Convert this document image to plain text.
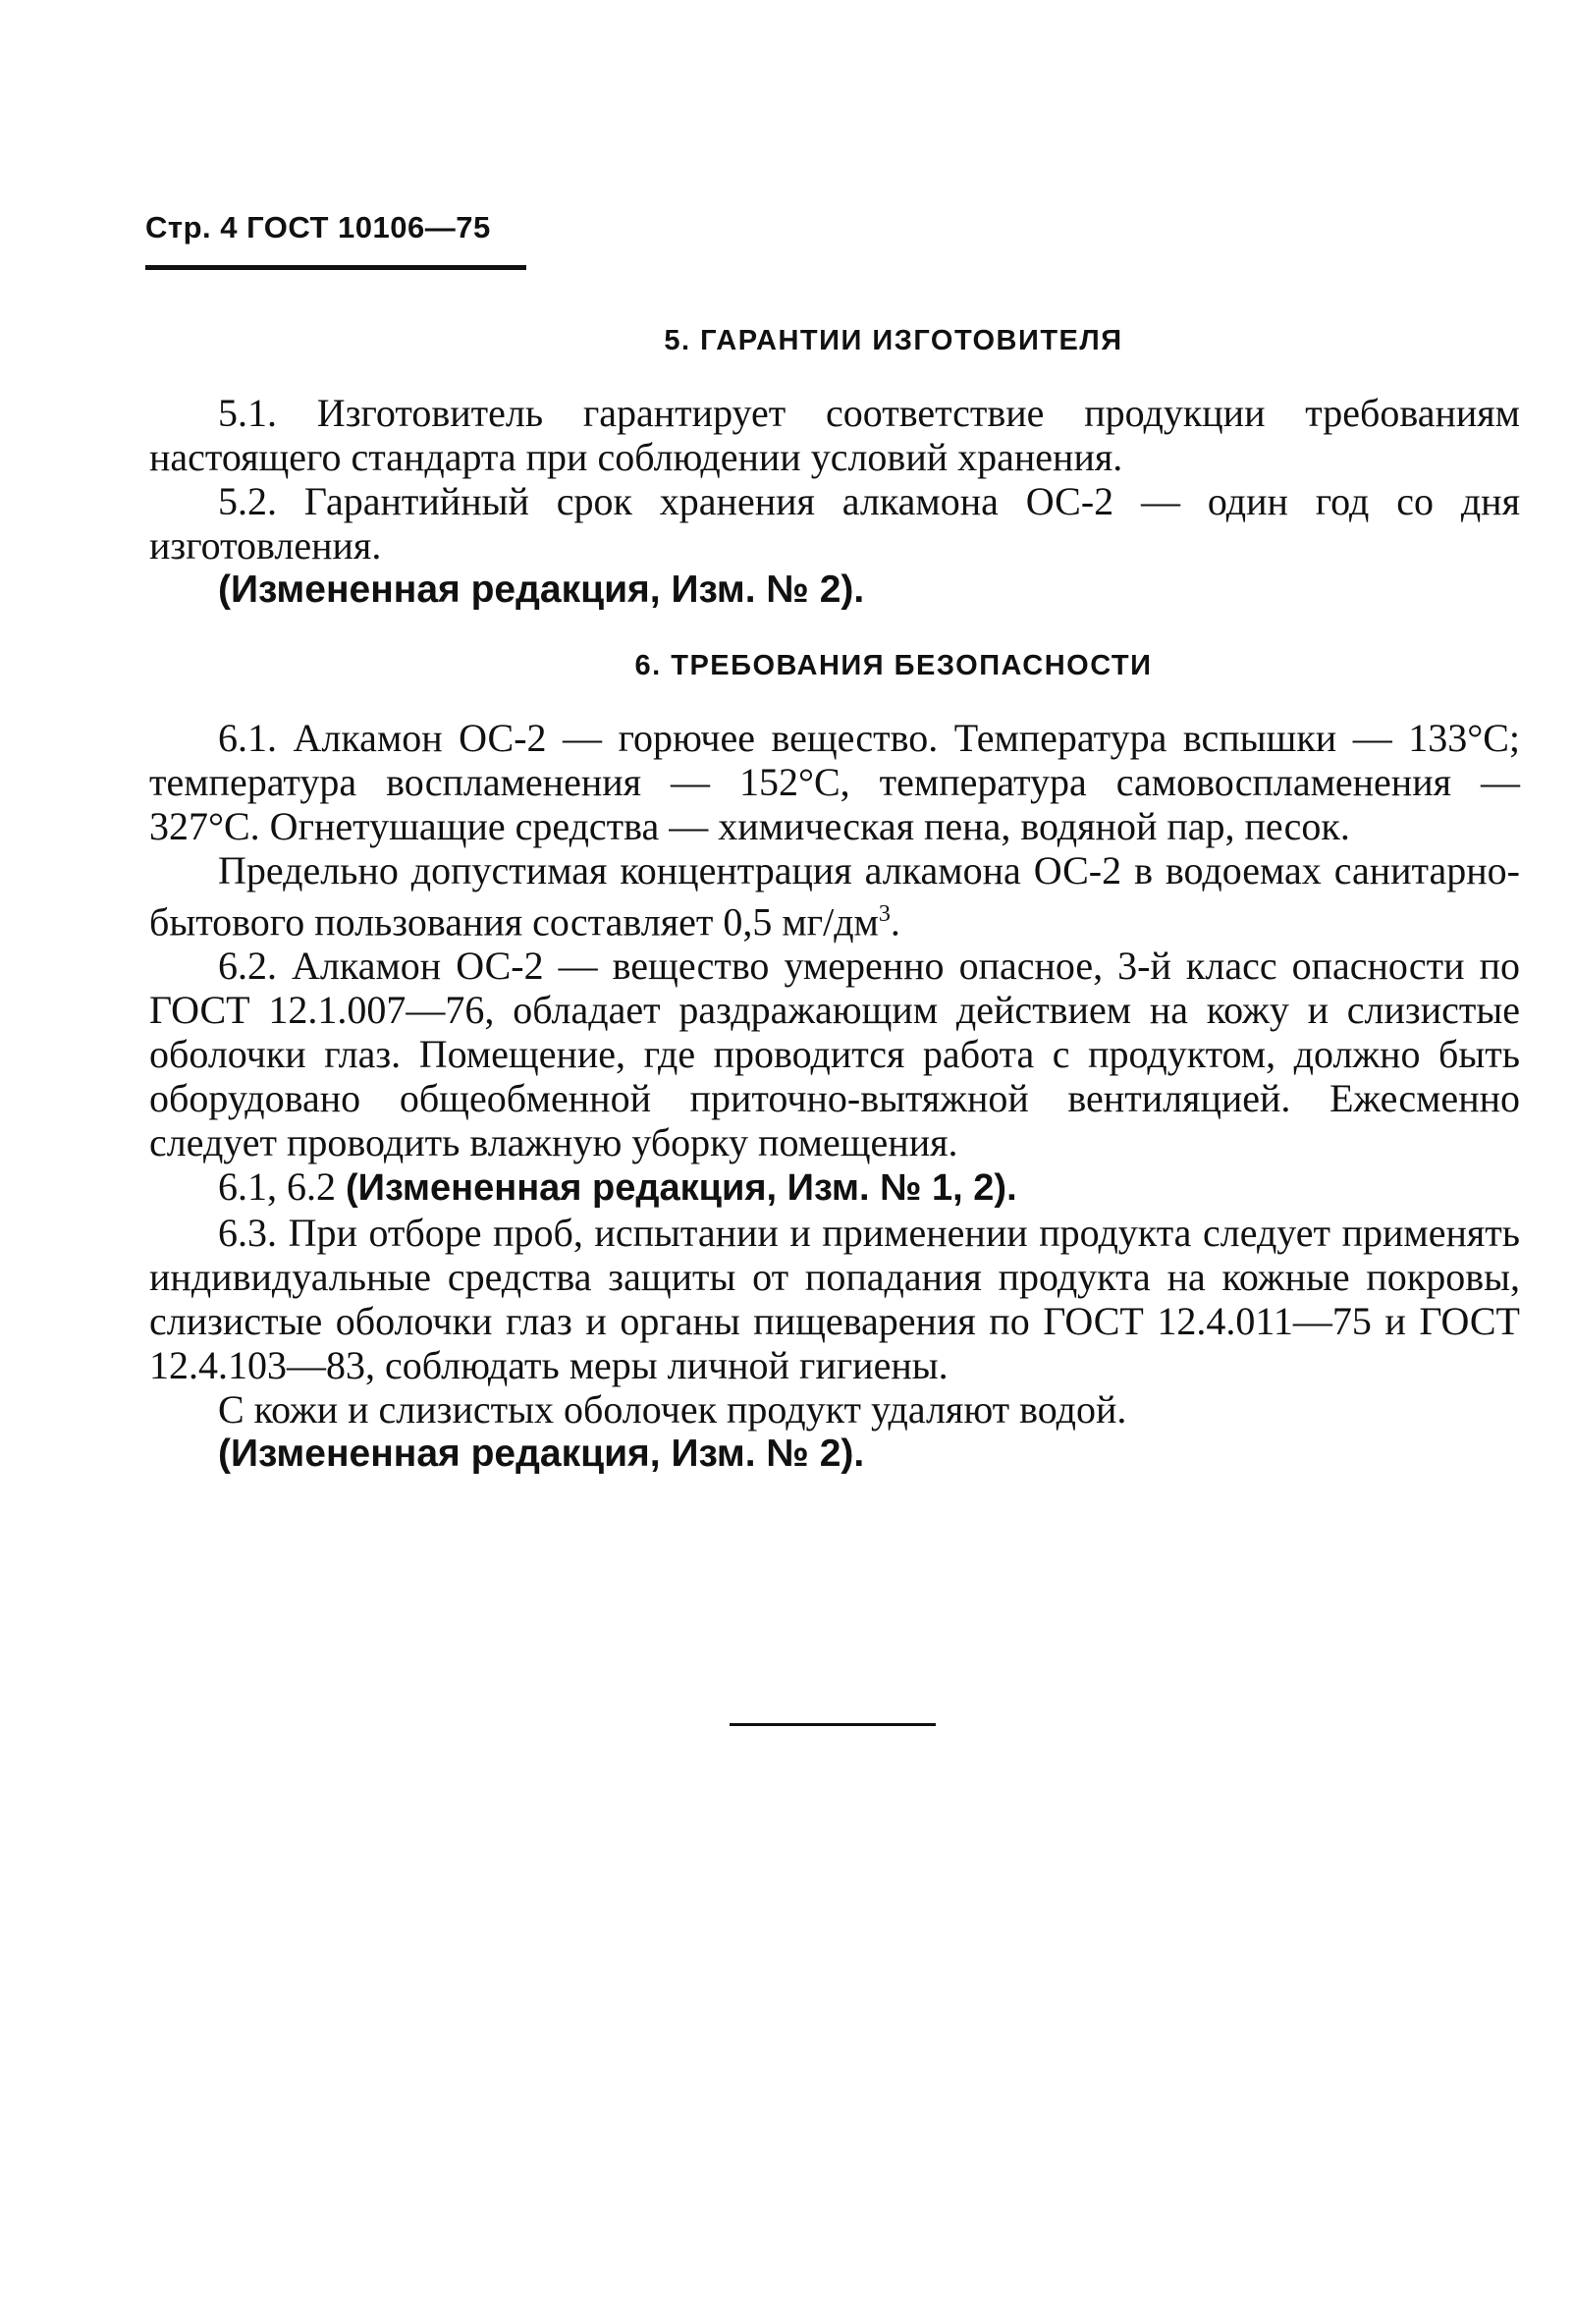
Стр. 4 ГОСТ 10106—75
5. ГАРАНТИИ ИЗГОТОВИТЕЛЯ

5.1. Изготовитель гарантирует соответствие продукции требованиям настоящего стандарта при соблюдении условий хранения.

5.2. Гарантийный срок хранения алкамона ОС-2 — один год со дня изготовления.

(Измененная редакция, Изм. № 2).

6. ТРЕБОВАНИЯ БЕЗОПАСНОСТИ

6.1. Алкамон ОС-2 — горючее вещество. Температура вспышки — 133°С; температура воспламенения — 152°С, температура самовоспламенения — 327°С. Огнетушащие средства — химическая пена, водяной пар, песок.

Предельно допустимая концентрация алкамона ОС-2 в водоемах санитарно-бытового пользования составляет 0,5 $мг/дм^3$.

6.2. Алкамон ОС-2 — вещество умеренно опасное, 3-й класс опасности по ГОСТ 12.1.007—76, обладает раздражающим действием на кожу и слизистые оболочки глаз. Помещение, где проводится работа с продуктом, должно быть оборудовано общеобменной приточно-вытяжной вентиляцией. Ежесменно следует проводить влажную уборку помещения.

6.1, 6.2 (Измененная редакция, Изм. № 1, 2).

6.3. При отборе проб, испытании и применении продукта следует применять индивидуальные средства защиты от попадания продукта на кожные покровы, слизистые оболочки глаз и органы пищеварения по ГОСТ 12.4.011—75 и ГОСТ 12.4.103—83, соблюдать меры личной гигиены.

С кожи и слизистых оболочек продукт удаляют водой.

(Измененная редакция, Изм. № 2).
